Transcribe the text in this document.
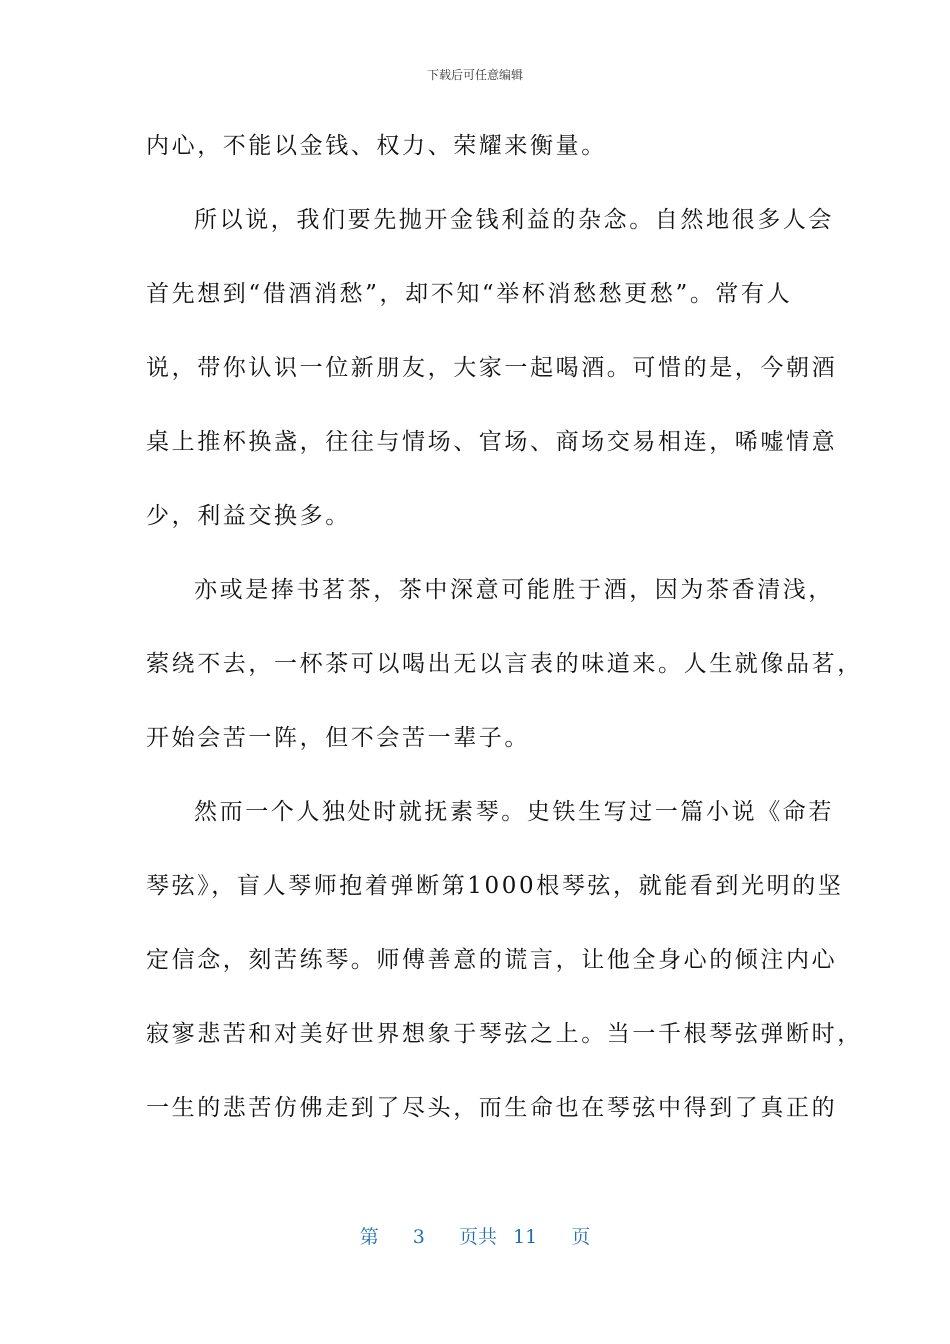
下载后可任意编辑
内心，不能以金钱、权力、荣耀来衡量。
所以说，我们要先抛开金钱利益的杂念。自然地很多人会
首先想到“借酒消愁”，却不知“举杯消愁愁更愁”。常有人
说，带你认识一位新朋友，大家一起喝酒。可惜的是，今朝酒
桌上推杯换盏，往往与情场、官场、商场交易相连，唏嘘情意
少，利益交换多。
亦或是捧书茗茶，茶中深意可能胜于酒，因为茶香清浅，
萦绕不去，一杯茶可以喝出无以言表的味道来。人生就像品茗，
开始会苦一阵，但不会苦一辈子。
然而一个人独处时就抚素琴。史铁生写过一篇小说《命若
琴弦》，盲人琴师抱着弹断第1000根琴弦，就能看到光明的坚
定信念，刻苦练琴。师傅善意的谎言，让他全身心的倾注内心
寂寥悲苦和对美好世界想象于琴弦之上。当一千根琴弦弹断时，
一生的悲苦仿佛走到了尽头，而生命也在琴弦中得到了真正的
第 3 页共 11 页
